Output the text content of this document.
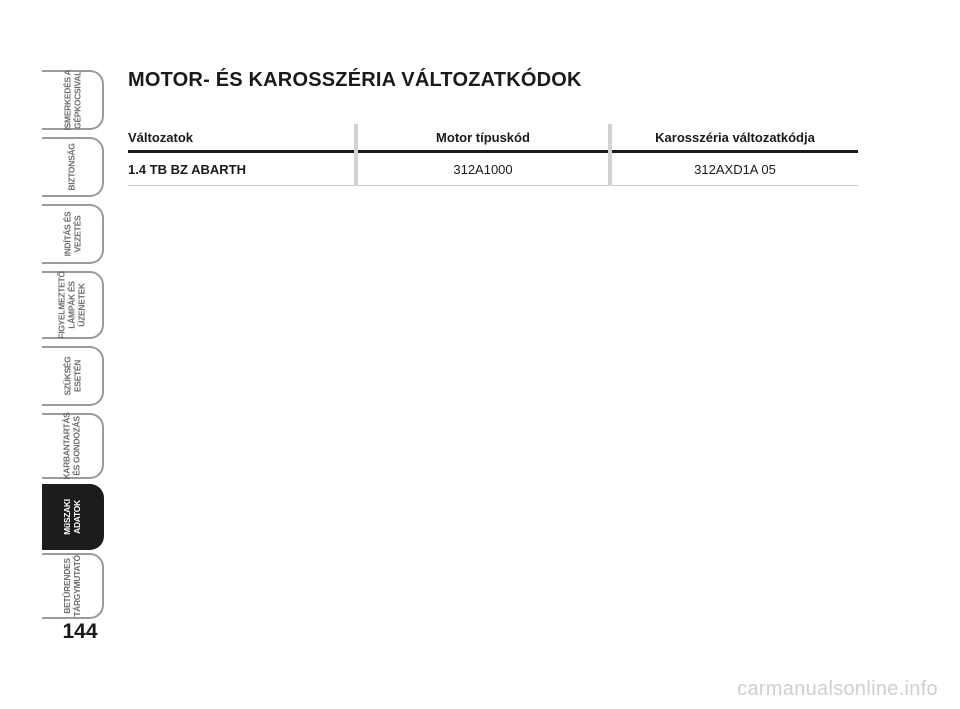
ISMERKEDÉS A
GÉPKOCSIVAL
BIZTONSÁG
INDÍTÁS ÉS
VEZETÉS
FIGYELMEZTETŐ
LÁMPÁK ÉS
ÜZENETEK
SZÜKSÉG
ESETÉN
KARBANTARTÁS
ÉS GONDOZÁS
MűSZAKI
ADATOK
BETŰRENDES
TÁRGYMUTATÓ
144
MOTOR- ÉS KAROSSZÉRIA VÁLTOZATKÓDOK
Változatok	Motor típuskód	Karosszéria változatkódja
1.4 TB BZ ABARTH	312A1000	312AXD1A 05
carmanualsonline.info
